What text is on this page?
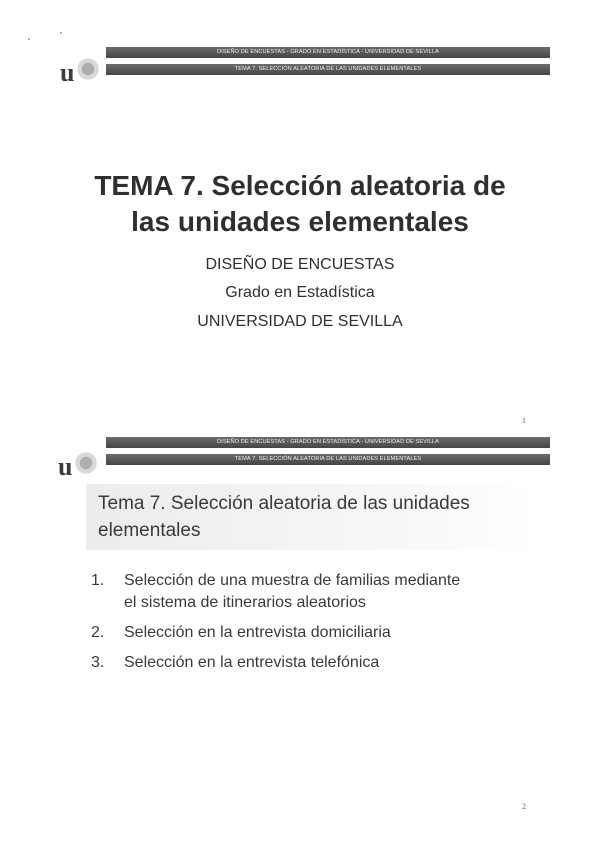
u
DISEÑO DE ENCUESTAS - GRADO EN ESTADÍSTICA - UNIVERSIDAD DE SEVILLA
TEMA 7. SELECCIÓN ALEATORIA DE LAS UNIDADES ELEMENTALES
TEMA 7. Selección aleatoria de
las unidades elementales
DISEÑO DE ENCUESTAS
Grado en Estadística
UNIVERSIDAD DE SEVILLA
1
u
DISEÑO DE ENCUESTAS - GRADO EN ESTADÍSTICA - UNIVERSIDAD DE SEVILLA
TEMA 7. SELECCIÓN ALEATORIA DE LAS UNIDADES ELEMENTALES
Tema 7. Selección aleatoria de las unidades
elementales
1. Selección de una muestra de familias mediante
el sistema de itinerarios aleatorios
2. Selección en la entrevista domiciliaria
3. Selección en la entrevista telefónica
2
